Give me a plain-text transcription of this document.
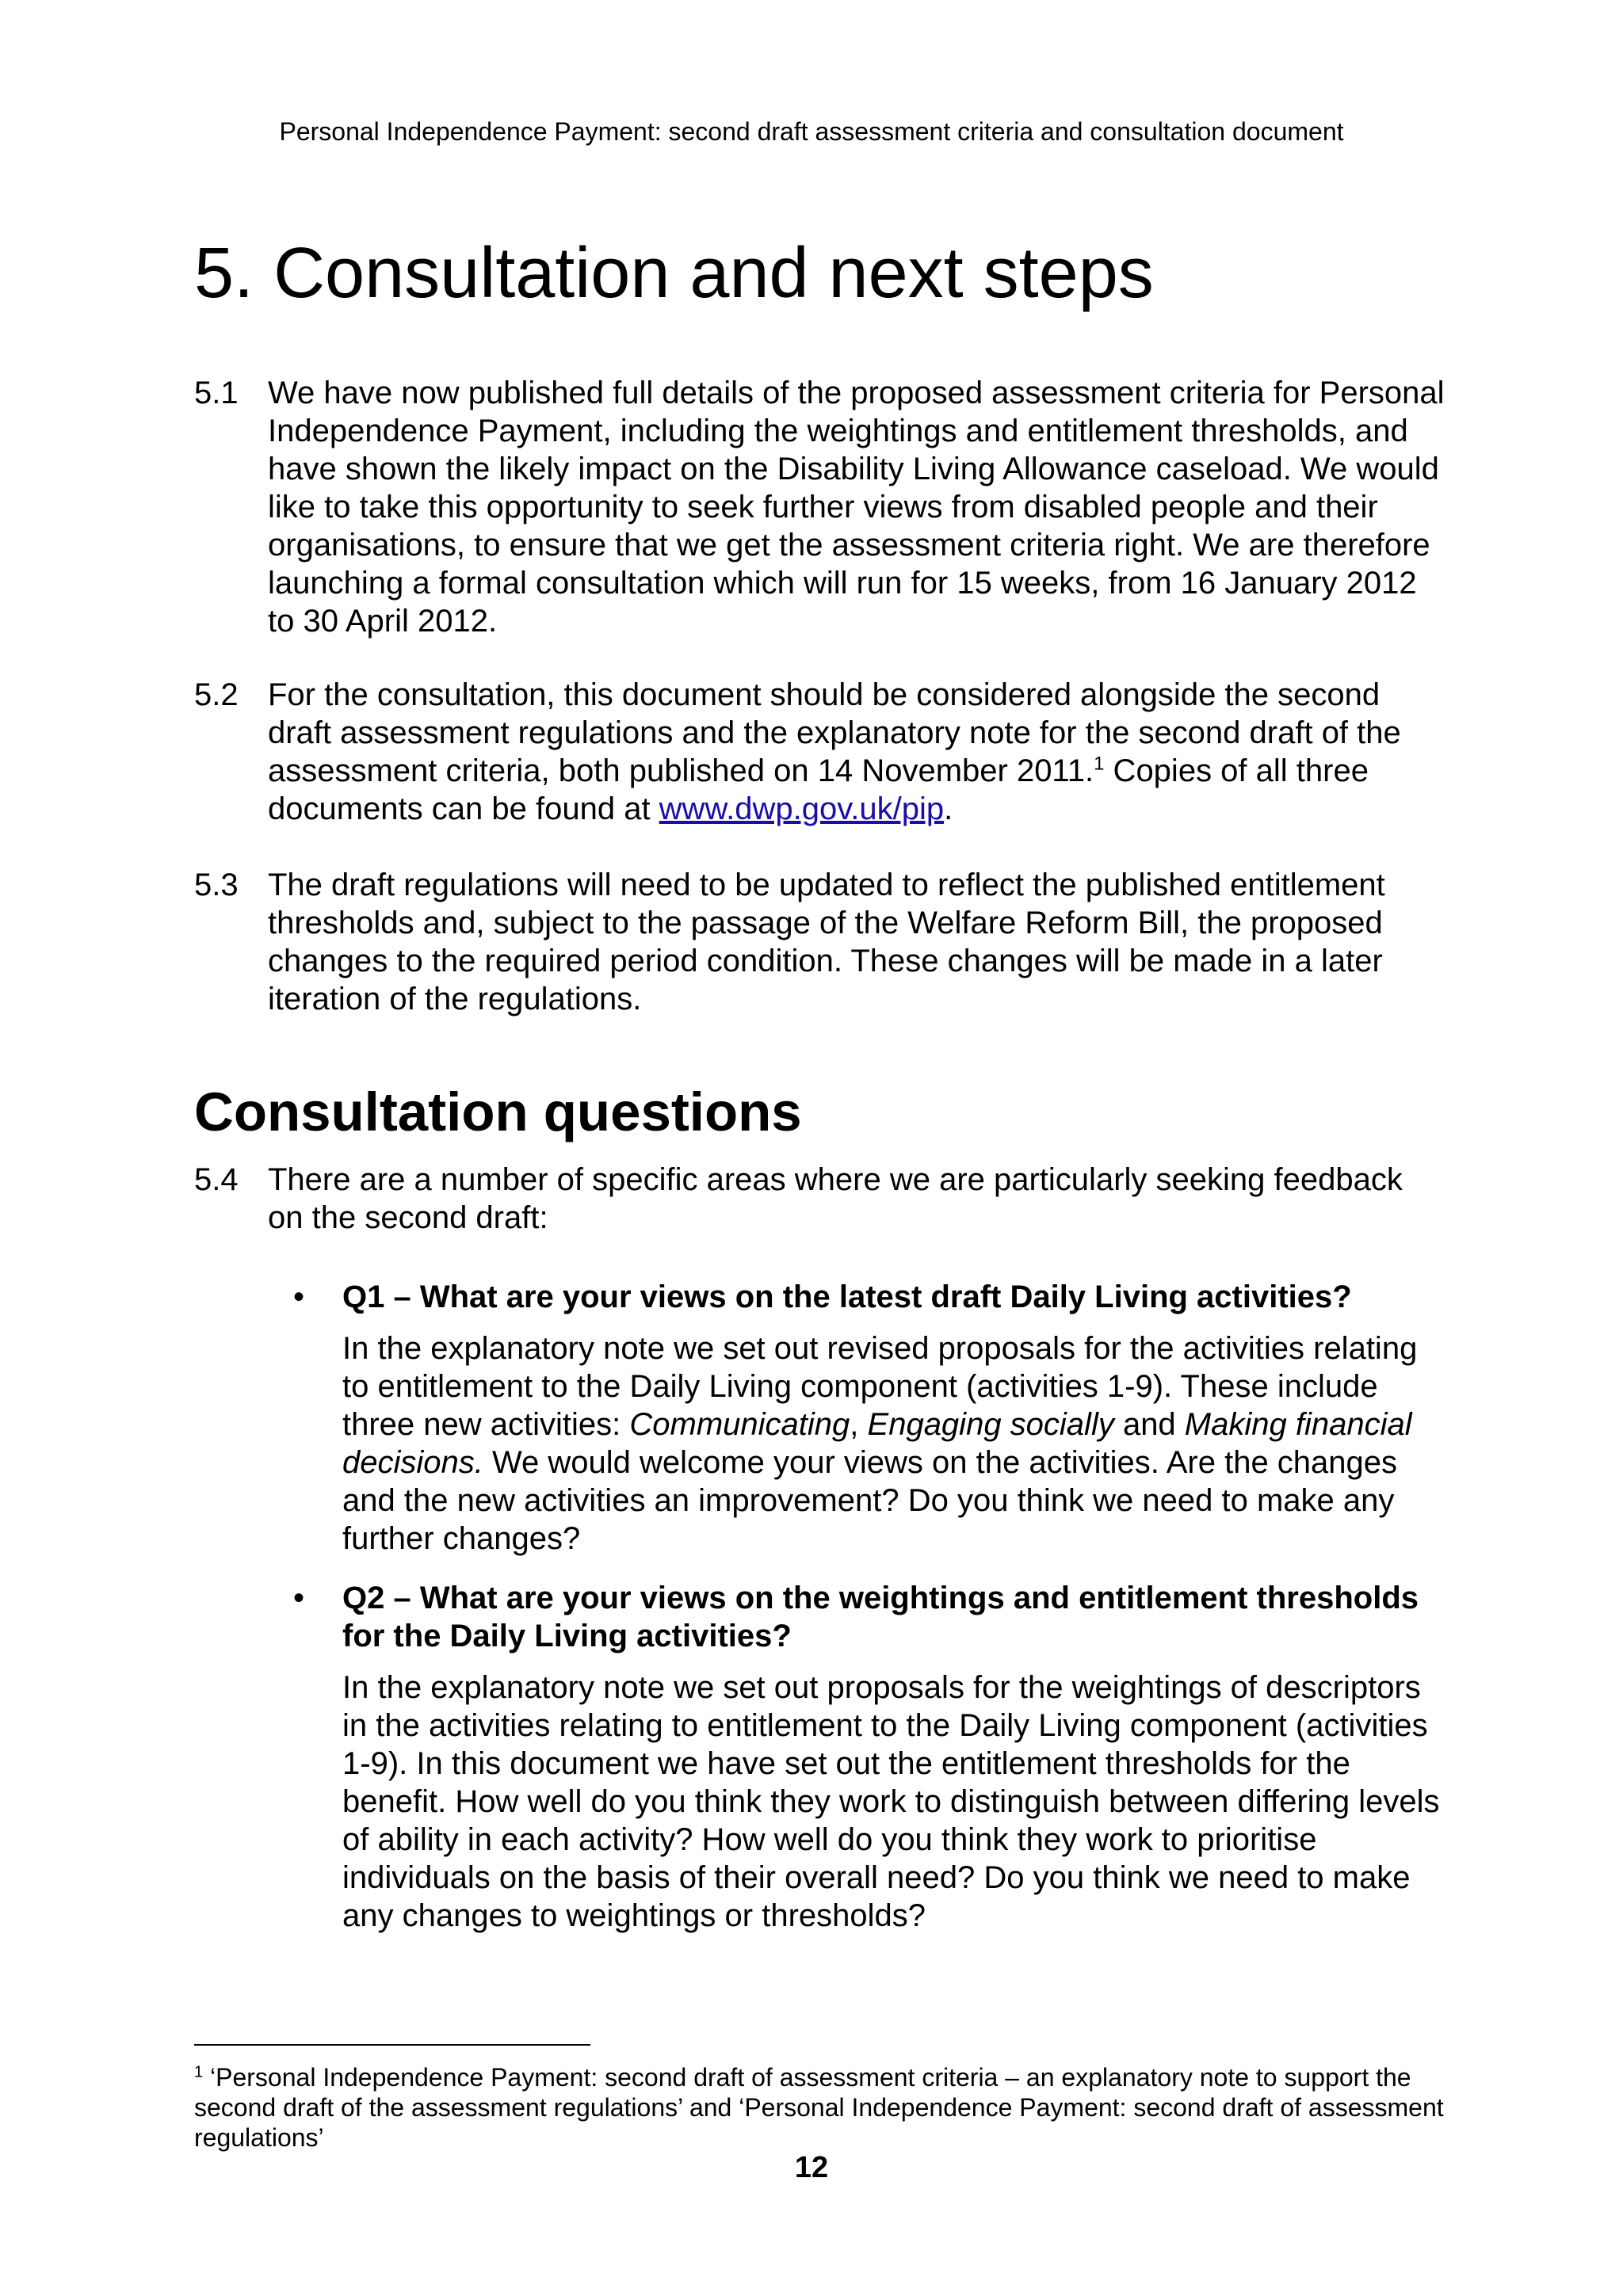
Personal Independence Payment: second draft assessment criteria and consultation document
5. Consultation and next steps
5.1 We have now published full details of the proposed assessment criteria for Personal Independence Payment, including the weightings and entitlement thresholds, and have shown the likely impact on the Disability Living Allowance caseload. We would like to take this opportunity to seek further views from disabled people and their organisations, to ensure that we get the assessment criteria right. We are therefore launching a formal consultation which will run for 15 weeks, from 16 January 2012 to 30 April 2012.
5.2 For the consultation, this document should be considered alongside the second draft assessment regulations and the explanatory note for the second draft of the assessment criteria, both published on 14 November 2011.$^1$ Copies of all three documents can be found at www.dwp.gov.uk/pip.
5.3 The draft regulations will need to be updated to reflect the published entitlement thresholds and, subject to the passage of the Welfare Reform Bill, the proposed changes to the required period condition. These changes will be made in a later iteration of the regulations.
Consultation questions
5.4 There are a number of specific areas where we are particularly seeking feedback on the second draft:
• Q1 – What are your views on the latest draft Daily Living activities?
In the explanatory note we set out revised proposals for the activities relating to entitlement to the Daily Living component (activities 1-9). These include three new activities: Communicating, Engaging socially and Making financial decisions. We would welcome your views on the activities. Are the changes and the new activities an improvement? Do you think we need to make any further changes?
• Q2 – What are your views on the weightings and entitlement thresholds for the Daily Living activities?
In the explanatory note we set out proposals for the weightings of descriptors in the activities relating to entitlement to the Daily Living component (activities 1-9). In this document we have set out the entitlement thresholds for the benefit. How well do you think they work to distinguish between differing levels of ability in each activity? How well do you think they work to prioritise individuals on the basis of their overall need? Do you think we need to make any changes to weightings or thresholds?
$^1$ ‘Personal Independence Payment: second draft of assessment criteria – an explanatory note to support the second draft of the assessment regulations’ and ‘Personal Independence Payment: second draft of assessment regulations’
12
